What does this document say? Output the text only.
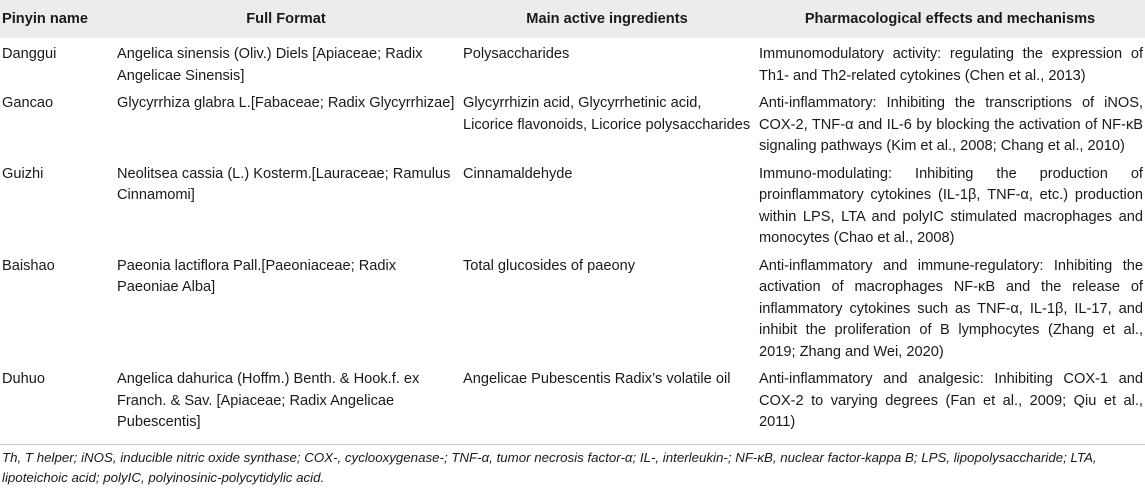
Pinyin name	Full Format	Main active ingredients	Pharmacological effects and mechanisms
Danggui	Angelica sinensis (Oliv.) Diels [Apiaceae; Radix Angelicae Sinensis]	Polysaccharides	Immunomodulatory activity: regulating the expression of Th1- and Th2-related cytokines (Chen et al., 2013)
Gancao	Glycyrrhiza glabra L.[Fabaceae; Radix Glycyrrhizae]	Glycyrrhizin acid, Glycyrrhetinic acid, Licorice flavonoids, Licorice polysaccharides	Anti-inflammatory: Inhibiting the transcriptions of iNOS, COX-2, TNF-α and IL-6 by blocking the activation of NF-κB signaling pathways (Kim et al., 2008; Chang et al., 2010)
Guizhi	Neolitsea cassia (L.) Kosterm.[Lauraceae; Ramulus Cinnamomi]	Cinnamaldehyde	Immuno-modulating: Inhibiting the production of proinflammatory cytokines (IL-1β, TNF-α, etc.) production within LPS, LTA and polyIC stimulated macrophages and monocytes (Chao et al., 2008)
Baishao	Paeonia lactiflora Pall.[Paeoniaceae; Radix Paeoniae Alba]	Total glucosides of paeony	Anti-inflammatory and immune-regulatory: Inhibiting the activation of macrophages NF-κB and the release of inflammatory cytokines such as TNF-α, IL-1β, IL-17, and inhibit the proliferation of B lymphocytes (Zhang et al., 2019; Zhang and Wei, 2020)
Duhuo	Angelica dahurica (Hoffm.) Benth. & Hook.f. ex Franch. & Sav. [Apiaceae; Radix Angelicae Pubescentis]	Angelicae Pubescentis Radix’s volatile oil	Anti-inflammatory and analgesic: Inhibiting COX-1 and COX-2 to varying degrees (Fan et al., 2009; Qiu et al., 2011)
Th, T helper; iNOS, inducible nitric oxide synthase; COX-, cyclooxygenase-; TNF-α, tumor necrosis factor-α; IL-, interleukin-; NF-κB, nuclear factor-kappa B; LPS, lipopolysaccharide; LTA, lipoteichoic acid; polyIC, polyinosinic-polycytidylic acid.
